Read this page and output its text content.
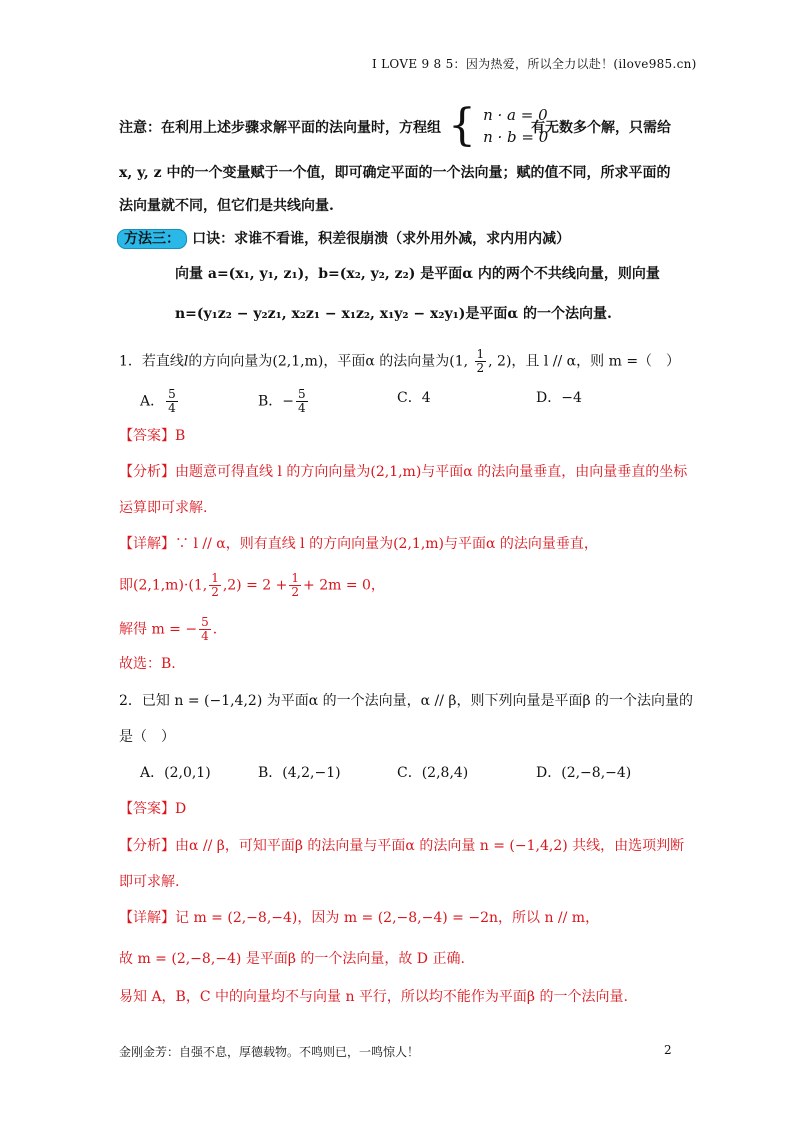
I LOVE 9 8 5：因为热爱，所以全力以赴！(ilove985.cn)
注意：在利用上述步骤求解平面的法向量时，方程组 { n · a = 0
n · b = 0
有无数多个解，只需给
x, y, z 中的一个变量赋于一个值，即可确定平面的一个法向量；赋的值不同，所求平面的
法向量就不同，但它们是共线向量.
方法三： 口诀：求谁不看谁，积差很崩溃（求外用外减，求内用内减）
向量 a=(x₁, y₁, z₁)，b=(x₂, y₂, z₂) 是平面α 内的两个不共线向量，则向量
n=(y₁z₂ − y₂z₁, x₂z₁ − x₁z₂, x₁y₂ − x₂y₁)是平面α 的一个法向量.
1．若直线l的方向向量为(2,1,m)，平面α 的法向量为(1, $\frac{1}{2}$ , 2)，且 l // α，则 m =（　）
A． $\frac{5}{4}$	B．− $\frac{5}{4}$	C．4	D．−4
【答案】B
【分析】由题意可得直线 l 的方向向量为(2,1,m)与平面α 的法向量垂直，由向量垂直的坐标
运算即可求解.
【详解】∵ l // α，则有直线 l 的方向向量为(2,1,m)与平面α 的法向量垂直，
即(2,1,m)·(1, $\frac{1}{2} ,2) = 2 + \frac{1}{2} + 2m = 0$，
解得 m = − $\frac{5}{4}$ .
故选：B.
2．已知 n = (−1,4,2) 为平面α 的一个法向量，α // β，则下列向量是平面β 的一个法向量的
是（　）
A．(2,0,1)	B．(4,2,−1)	C．(2,8,4)	D．(2,−8,−4)
【答案】D
【分析】由α // β，可知平面β 的法向量与平面α 的法向量 n = (−1,4,2) 共线，由选项判断
即可求解.
【详解】记 m = (2,−8,−4)，因为 m = (2,−8,−4) = −2n，所以 n // m，
故 m = (2,−8,−4) 是平面β 的一个法向量，故 D 正确.
易知 A，B，C 中的向量均不与向量 n 平行，所以均不能作为平面β 的一个法向量.
金刚金芳：自强不息，厚德载物。不鸣则已，一鸣惊人！	2
